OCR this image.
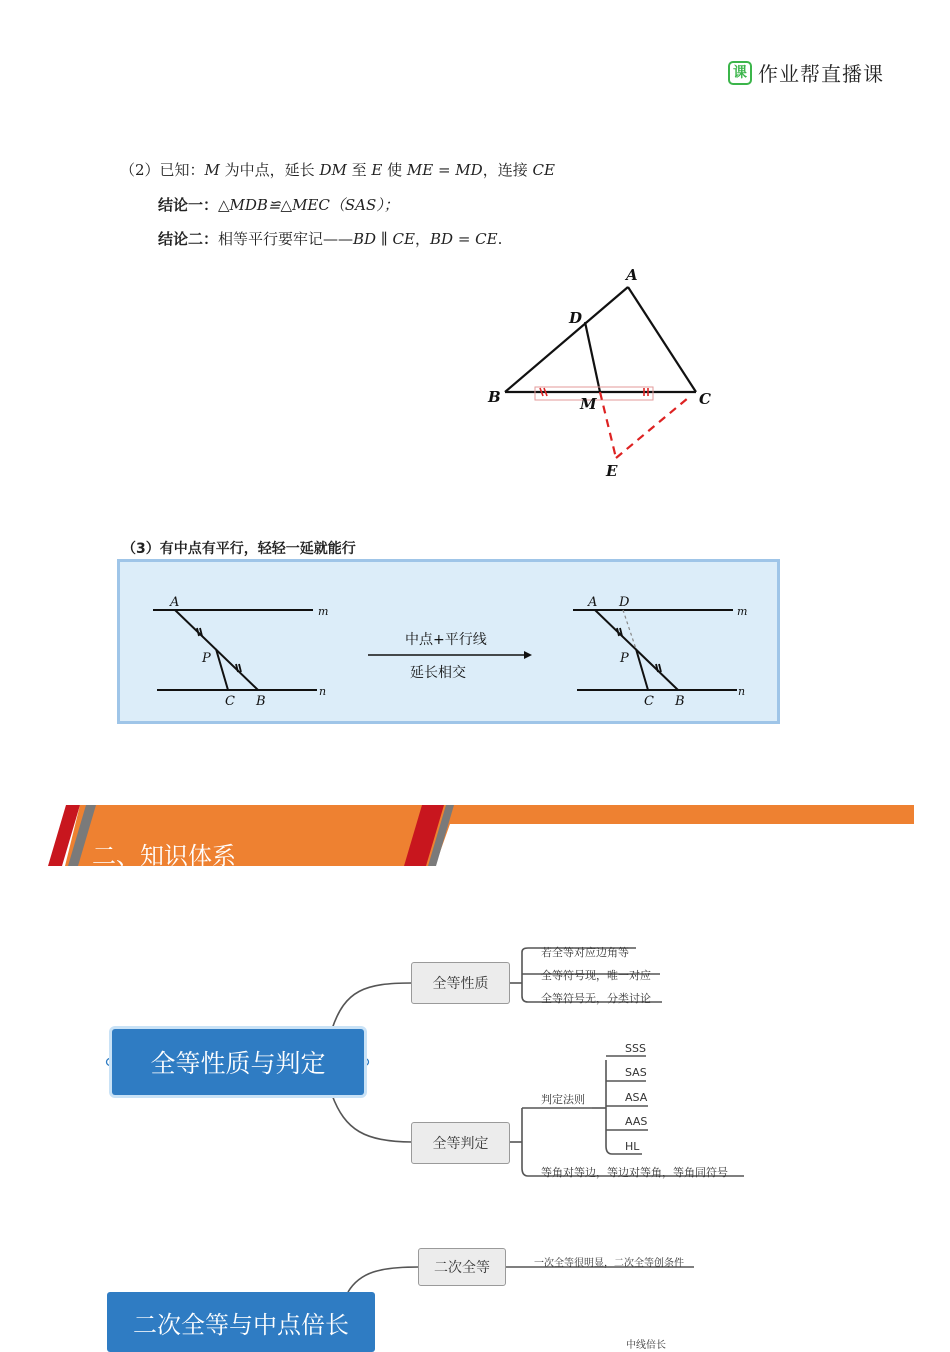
课 作业帮直播课
（2）已知：M 为中点，延长 DM 至 E 使 ME = MD，连接 CE
结论一：△MDB≌△MEC（SAS）；
结论二：相等平行要牢记——BD ∥ CE，BD = CE.
A
D
B	C
M
E
（3）有中点有平行，轻轻一延就能行
A
P
C B
m
n
中点+平行线
延长相交
A D
P
C B
m
n
二、知识体系
全等性质与判定
全等性质
若全等对应边角等
全等符号现，唯一对应
全等符号无，分类讨论
全等判定
判定法则
SSS
SAS
ASA
AAS
HL
等角对等边，等边对等角，等角同符号
二次全等与中点倍长
二次全等	一次全等很明显，二次全等创条件
中线倍长
